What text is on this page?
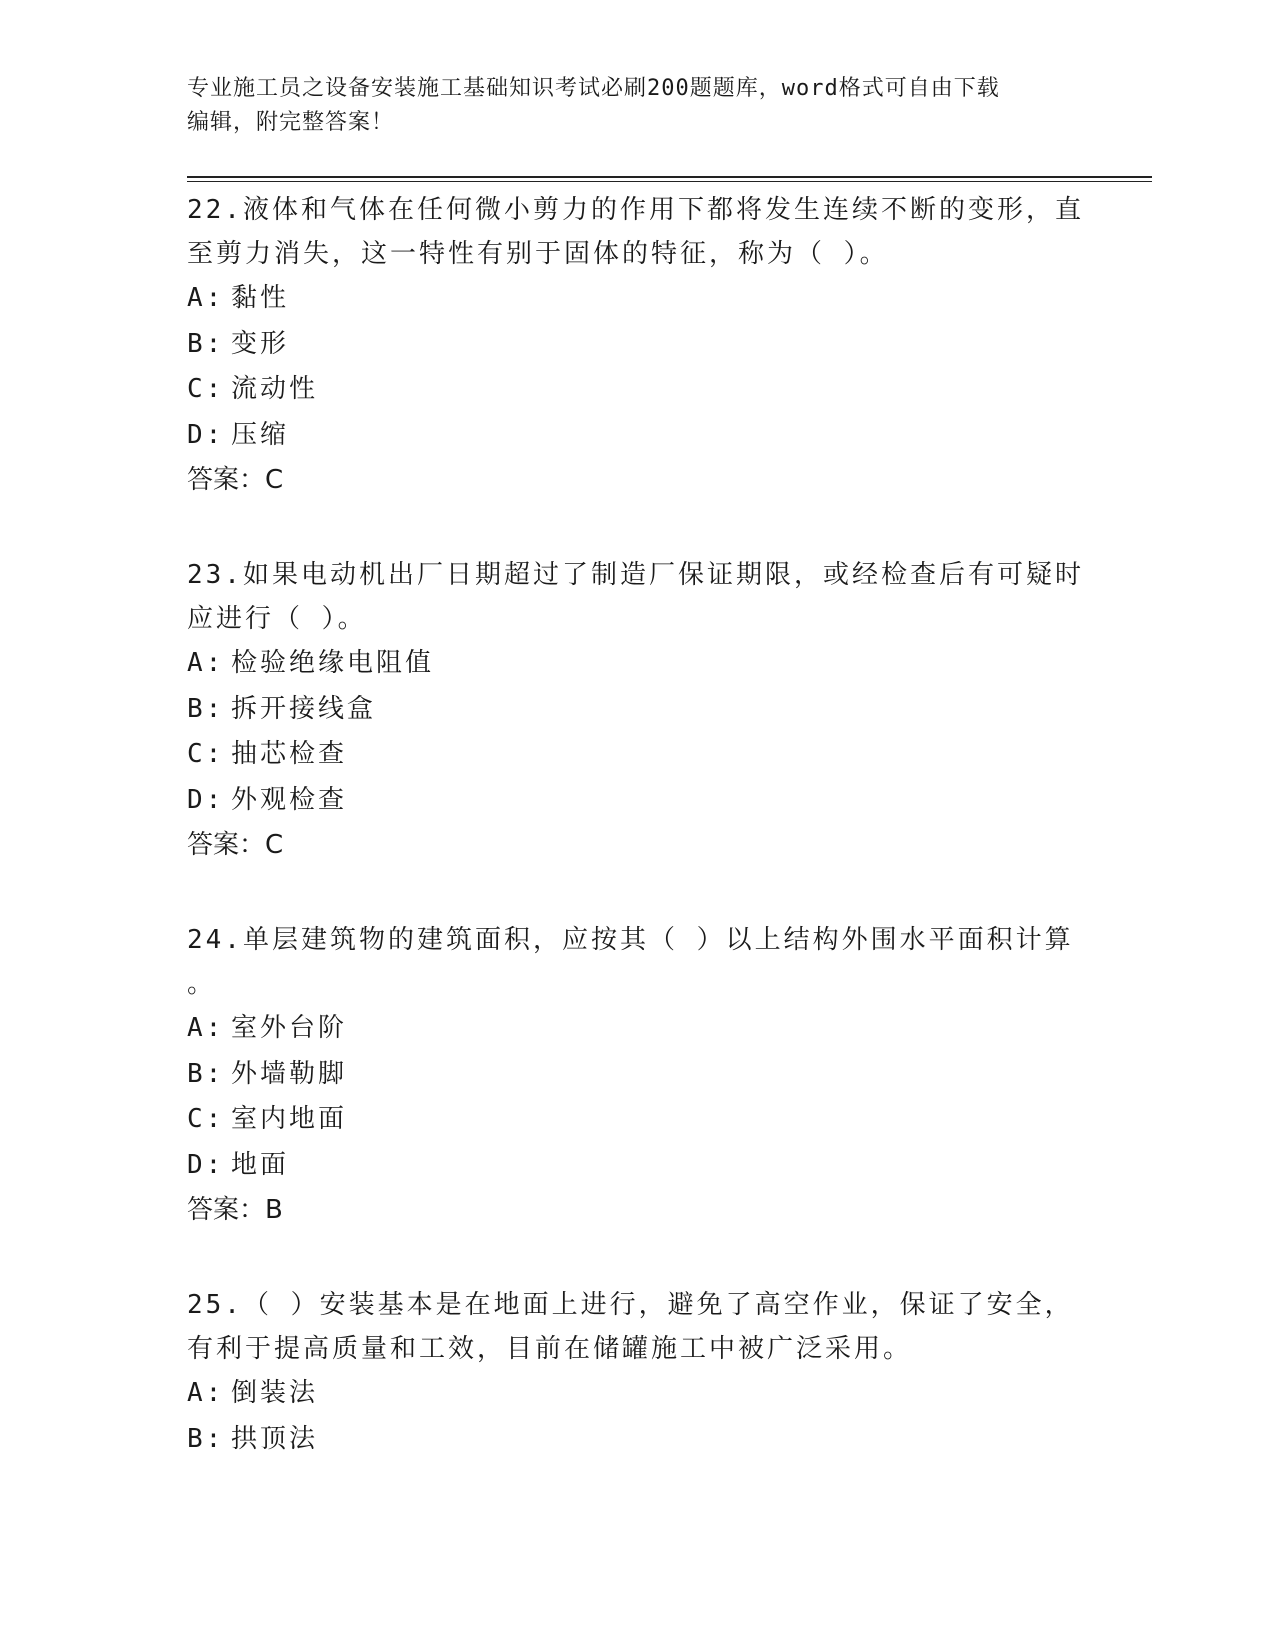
专业施工员之设备安装施工基础知识考试必刷200题题库，word格式可自由下载
编辑，附完整答案！

22.液体和气体在任何微小剪力的作用下都将发生连续不断的变形，直

至剪力消失，这一特性有别于固体的特征，称为（ ）。

A: 黏性

B: 变形

C: 流动性

D: 压缩

答案：C

23.如果电动机出厂日期超过了制造厂保证期限，或经检查后有可疑时

应进行（ ）。

A: 检验绝缘电阻值

B: 拆开接线盒

C: 抽芯检查

D: 外观检查

答案：C

24.单层建筑物的建筑面积，应按其（ ）以上结构外围水平面积计算

。

A: 室外台阶

B: 外墙勒脚

C: 室内地面

D: 地面

答案：B

25.（ ）安装基本是在地面上进行，避免了高空作业，保证了安全，

有利于提高质量和工效，目前在储罐施工中被广泛采用。

A: 倒装法

B: 拱顶法
